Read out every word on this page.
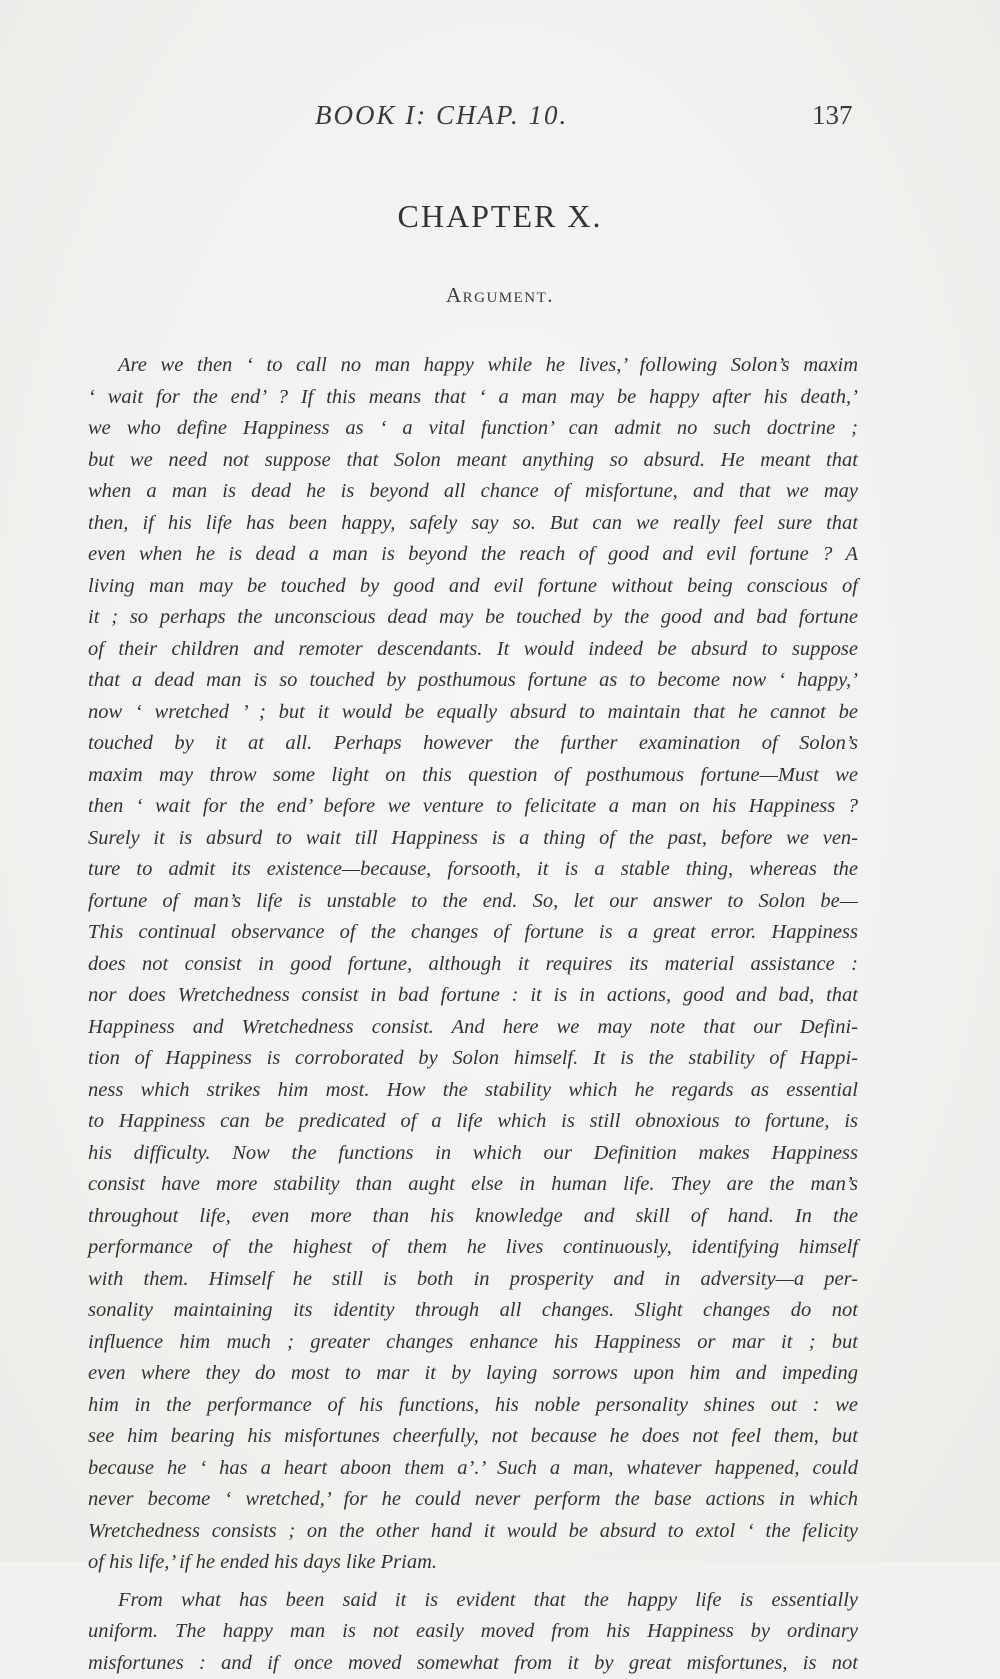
BOOK I: CHAP. 10.	137
CHAPTER X.
Argument.
Are we then ‘ to call no man happy while he lives,’ following Solon’s maxim
‘ wait for the end’ ? If this means that ‘ a man may be happy after his death,’
we who define Happiness as ‘ a vital function’ can admit no such doctrine ;
but we need not suppose that Solon meant anything so absurd. He meant that
when a man is dead he is beyond all chance of misfortune, and that we may
then, if his life has been happy, safely say so. But can we really feel sure that
even when he is dead a man is beyond the reach of good and evil fortune ? A
living man may be touched by good and evil fortune without being conscious of
it ; so perhaps the unconscious dead may be touched by the good and bad fortune
of their children and remoter descendants. It would indeed be absurd to suppose
that a dead man is so touched by posthumous fortune as to become now ‘ happy,’
now ‘ wretched ’ ; but it would be equally absurd to maintain that he cannot be
touched by it at all. Perhaps however the further examination of Solon’s
maxim may throw some light on this question of posthumous fortune—Must we
then ‘ wait for the end’ before we venture to felicitate a man on his Happiness ?
Surely it is absurd to wait till Happiness is a thing of the past, before we ven-
ture to admit its existence—because, forsooth, it is a stable thing, whereas the
fortune of man’s life is unstable to the end. So, let our answer to Solon be—
This continual observance of the changes of fortune is a great error. Happiness
does not consist in good fortune, although it requires its material assistance :
nor does Wretchedness consist in bad fortune : it is in actions, good and bad, that
Happiness and Wretchedness consist. And here we may note that our Defini-
tion of Happiness is corroborated by Solon himself. It is the stability of Happi-
ness which strikes him most. How the stability which he regards as essential
to Happiness can be predicated of a life which is still obnoxious to fortune, is
his difficulty. Now the functions in which our Definition makes Happiness
consist have more stability than aught else in human life. They are the man’s
throughout life, even more than his knowledge and skill of hand. In the
performance of the highest of them he lives continuously, identifying himself
with them. Himself he still is both in prosperity and in adversity—a per-
sonality maintaining its identity through all changes. Slight changes do not
influence him much ; greater changes enhance his Happiness or mar it ; but
even where they do most to mar it by laying sorrows upon him and impeding
him in the performance of his functions, his noble personality shines out : we
see him bearing his misfortunes cheerfully, not because he does not feel them, but
because he ‘ has a heart aboon them a’.’ Such a man, whatever happened, could
never become ‘ wretched,’ for he could never perform the base actions in which
Wretchedness consists ; on the other hand it would be absurd to extol ‘ the felicity
of his life,’ if he ended his days like Priam.
From what has been said it is evident that the happy life is essentially
uniform. The happy man is not easily moved from his Happiness by ordinary
misfortunes : and if once moved somewhat from it by great misfortunes, is not
